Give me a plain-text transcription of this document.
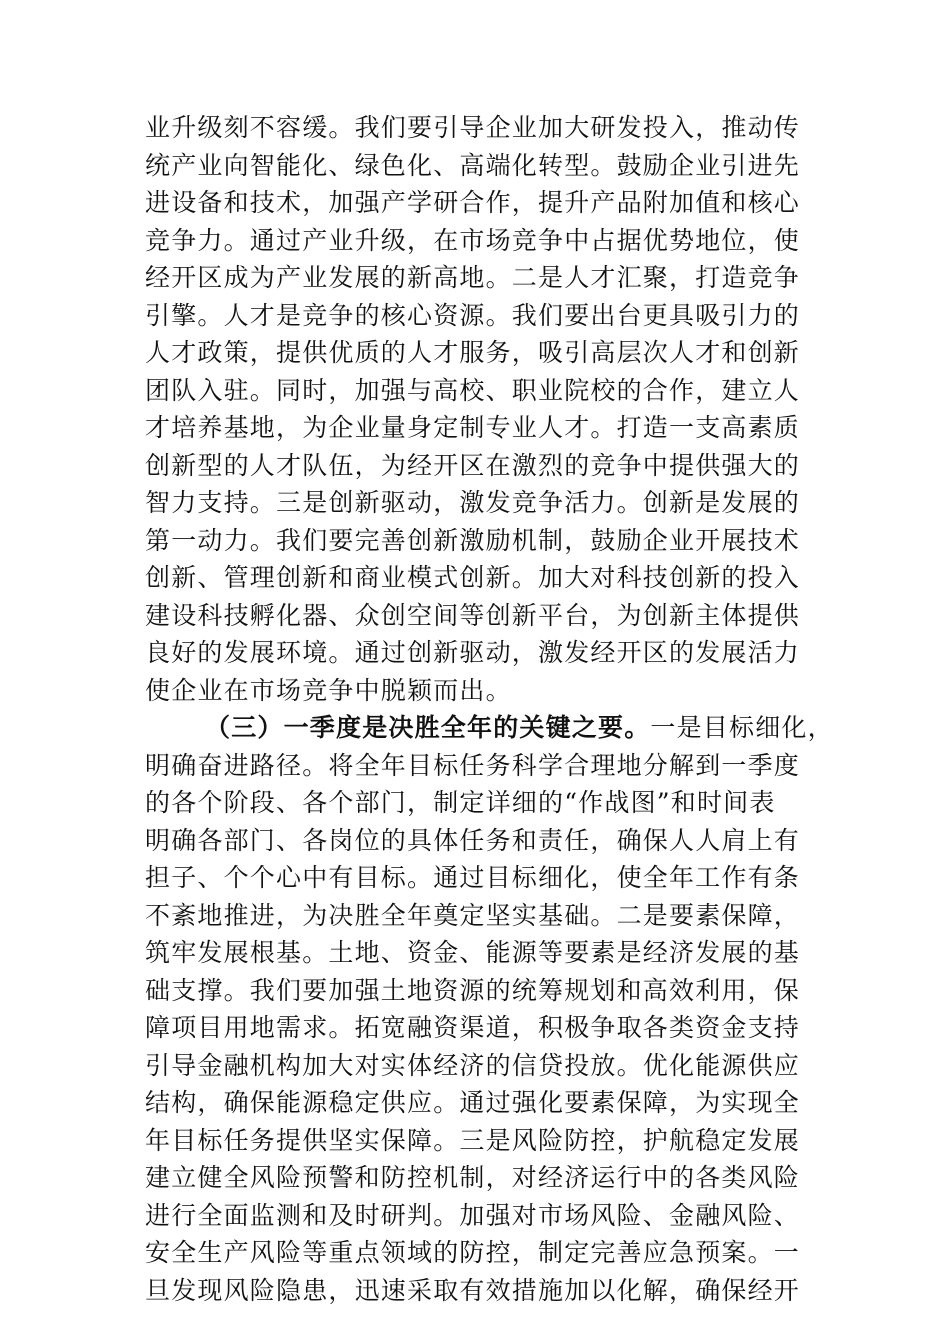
业升级刻不容缓。我们要引导企业加大研发投入，推动传
统产业向智能化、绿色化、高端化转型。鼓励企业引进先
进设备和技术，加强产学研合作，提升产品附加值和核心
竞争力。通过产业升级，在市场竞争中占据优势地位，使
经开区成为产业发展的新高地。二是人才汇聚，打造竞争
引擎。人才是竞争的核心资源。我们要出台更具吸引力的
人才政策，提供优质的人才服务，吸引高层次人才和创新
团队入驻。同时，加强与高校、职业院校的合作，建立人
才培养基地，为企业量身定制专业人才。打造一支高素质
创新型的人才队伍，为经开区在激烈的竞争中提供强大的
智力支持。三是创新驱动，激发竞争活力。创新是发展的
第一动力。我们要完善创新激励机制，鼓励企业开展技术
创新、管理创新和商业模式创新。加大对科技创新的投入
建设科技孵化器、众创空间等创新平台，为创新主体提供
良好的发展环境。通过创新驱动，激发经开区的发展活力
使企业在市场竞争中脱颖而出。
（三）一季度是决胜全年的关键之要。一是目标细化，
明确奋进路径。将全年目标任务科学合理地分解到一季度
的各个阶段、各个部门，制定详细的“作战图”和时间表
明确各部门、各岗位的具体任务和责任，确保人人肩上有
担子、个个心中有目标。通过目标细化，使全年工作有条
不紊地推进，为决胜全年奠定坚实基础。二是要素保障，
筑牢发展根基。土地、资金、能源等要素是经济发展的基
础支撑。我们要加强土地资源的统筹规划和高效利用，保
障项目用地需求。拓宽融资渠道，积极争取各类资金支持
引导金融机构加大对实体经济的信贷投放。优化能源供应
结构，确保能源稳定供应。通过强化要素保障，为实现全
年目标任务提供坚实保障。三是风险防控，护航稳定发展
建立健全风险预警和防控机制，对经济运行中的各类风险
进行全面监测和及时研判。加强对市场风险、金融风险、
安全生产风险等重点领域的防控，制定完善应急预案。一
旦发现风险隐患，迅速采取有效措施加以化解，确保经开
